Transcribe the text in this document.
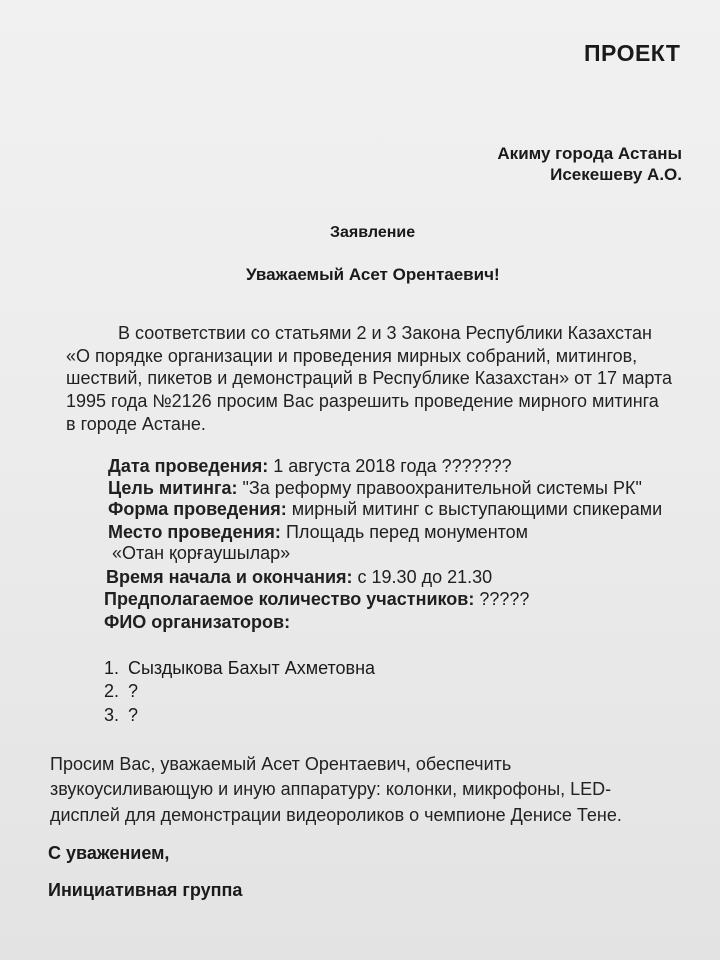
ПРОЕКТ
Акиму города Астаны
Исекешеву А.О.
Заявление
Уважаемый Асет Орентаевич!
В соответствии со статьями 2 и 3 Закона Республики Казахстан
«О порядке организации и проведения мирных собраний, митингов,
шествий, пикетов и демонстраций в Республике Казахстан» от 17 марта
1995 года №2126 просим Вас разрешить проведение мирного митинга
в городе Астане.
Дата проведения: 1 августа 2018 года ???????
Цель митинга: "За реформу правоохранительной системы РК"
Форма проведения: мирный митинг с выступающими спикерами
Место проведения: Площадь перед монументом
«Отан қорғаушылар»
Время начала и окончания: с 19.30 до 21.30
Предполагаемое количество участников: ?????
ФИО организаторов:
1. Сыздыкова Бахыт Ахметовна
2. ?
3. ?
Просим Вас, уважаемый Асет Орентаевич, обеспечить
звукоусиливающую и иную аппаратуру: колонки, микрофоны, LED-
дисплей для демонстрации видеороликов о чемпионе Денисе Тене.
С уважением,
Инициативная группа
